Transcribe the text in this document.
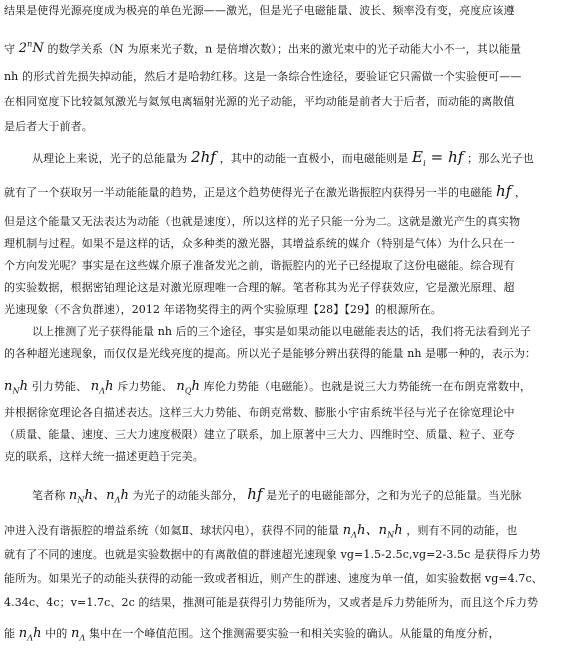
结果是使得光源亮度成为极亮的单色光源——激光，但是光子电磁能量、波长、频率没有变，亮度应该遵
守 2$^n$N 的数学关系（N 为原来光子数，n 是倍增次数）；出来的激光束中的光子动能大小不一，其以能量
nh 的形式首先损失掉动能，然后才是哈勃红移。这是一条综合性途径，要验证它只需做一个实验便可——
在相同宽度下比较氦氖激光与氦氖电离辐射光源的光子动能，平均动能是前者大于后者，而动能的离散值
是后者大于前者。
从理论上来说，光子的总能量为 2hf ，其中的动能一直极小，而电磁能则是 $E_i$ = hf ；那么光子也
就有了一个获取另一半动能能量的趋势，正是这个趋势使得光子在激光谐振腔内获得另一半的电磁能 hf ，
但是这个能量又无法表达为动能（也就是速度），所以这样的光子只能一分为二。这就是激光产生的真实物
理机制与过程。如果不是这样的话，众多种类的激光器，其增益系统的媒介（特别是气体）为什么只在一
个方向发光呢？事实是在这些媒介原子准备发光之前，谐振腔内的光子已经提取了这份电磁能。综合现有
的实验数据，根据密铂理论这是对激光原理唯一合理的解。笔者称其为光子俘获效应，它是激光原理、超
光速现象（不含负群速），2012 年诺物奖得主的两个实验原理【28】【29】的根源所在。
以上推测了光子获得能量 nh 后的三个途径，事实是如果动能以电磁能表达的话，我们将无法看到光子
的各种超光速现象，而仅仅是光线亮度的提高。所以光子是能够分辨出获得的能量 nh 是哪一种的，表示为：
$n_Nh$ 引力势能、 $n_\Lambda h$ 斥力势能、 $n_Qh$ 库伦力势能（电磁能）。也就是说三大力势能统一在布朗克常数中，
并根据徐宽理论各自描述表达。这样三大力势能、布朗克常数、膨胀小宇宙系统半径与光子在徐宽理论中
（质量、能量、速度、三大力速度极限）建立了联系，加上原著中三大力、四维时空、质量、粒子、亚夸
克的联系，这样大统一描述更趋于完美。
笔者称 $n_Nh$、$n_\Lambda h$ 为光子的动能头部分， hf 是光子的电磁能部分，之和为光子的总能量。当光脉
冲进入没有谐振腔的增益系统（如氦Ⅱ、球状闪电），获得不同的能量 $n_\Lambda h$、$n_Nh$ ，则有不同的动能，也
就有了不同的速度。也就是实验数据中的有离散值的群速超光速现象 vg=1.5-2.5c,vg=2-3.5c 是获得斥力势
能所为。如果光子的动能头获得的动能一致或者相近，则产生的群速、速度为单一值，如实验数据 vg=4.7c、
4.34c、4c；v=1.7c、2c 的结果，推测可能是获得引力势能所为，又或者是斥力势能所为，而且这个斥力势
能 $n_\Lambda h$ 中的 $n_\Lambda$ 集中在一个峰值范围。这个推测需要实验一和相关实验的确认。从能量的角度分析，
